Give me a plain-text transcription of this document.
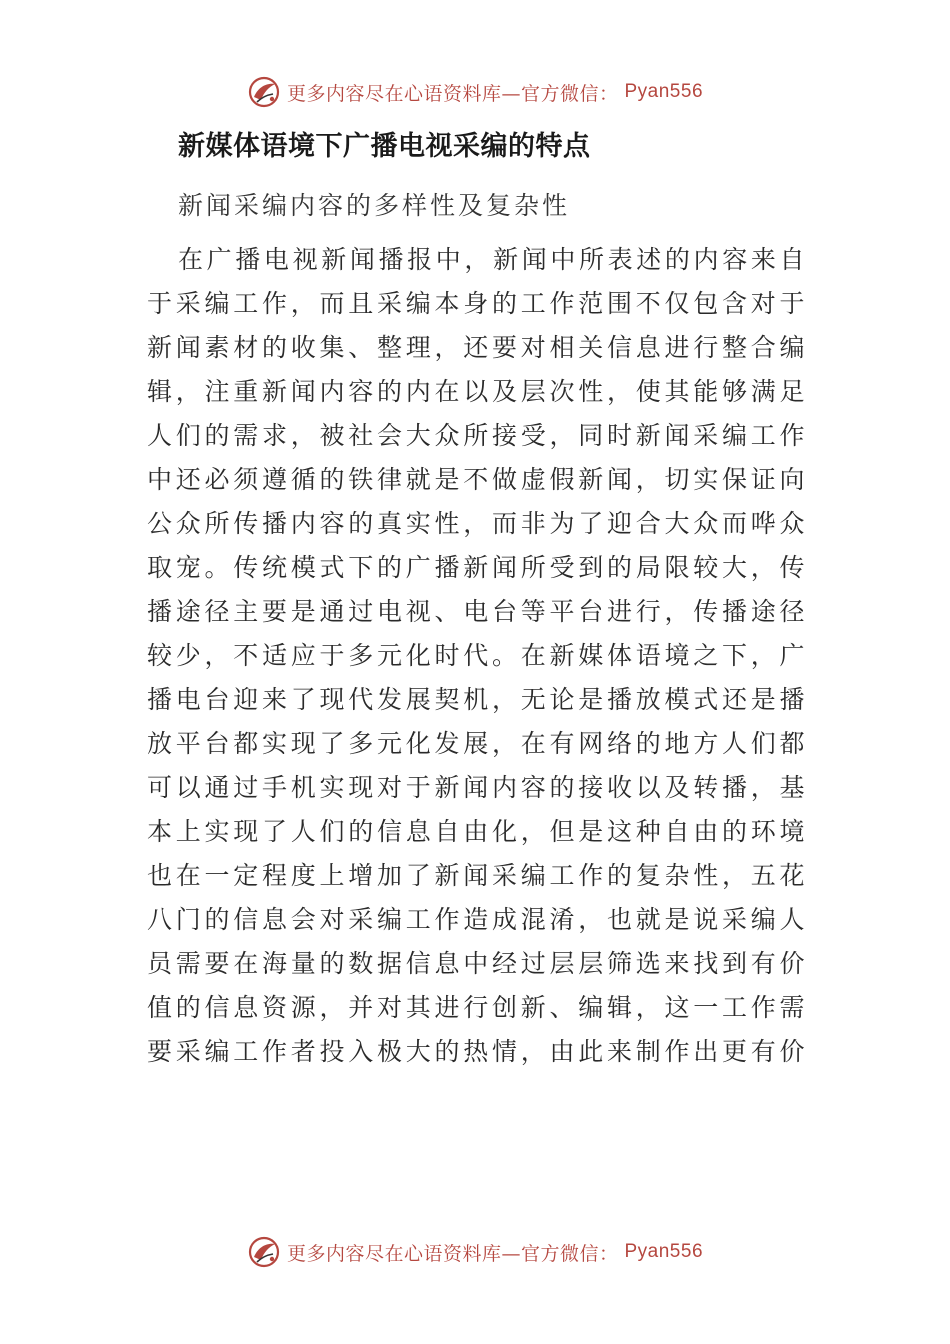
更多内容尽在心语资料库—官方微信： Pyan556
新媒体语境下广播电视采编的特点
新闻采编内容的多样性及复杂性
在广播电视新闻播报中，新闻中所表述的内容来自
于采编工作，而且采编本身的工作范围不仅包含对于
新闻素材的收集、整理，还要对相关信息进行整合编
辑，注重新闻内容的内在以及层次性，使其能够满足
人们的需求，被社会大众所接受，同时新闻采编工作
中还必须遵循的铁律就是不做虚假新闻，切实保证向
公众所传播内容的真实性，而非为了迎合大众而哗众
取宠。传统模式下的广播新闻所受到的局限较大，传
播途径主要是通过电视、电台等平台进行，传播途径
较少，不适应于多元化时代。在新媒体语境之下，广
播电台迎来了现代发展契机，无论是播放模式还是播
放平台都实现了多元化发展，在有网络的地方人们都
可以通过手机实现对于新闻内容的接收以及转播，基
本上实现了人们的信息自由化，但是这种自由的环境
也在一定程度上增加了新闻采编工作的复杂性，五花
八门的信息会对采编工作造成混淆，也就是说采编人
员需要在海量的数据信息中经过层层筛选来找到有价
值的信息资源，并对其进行创新、编辑，这一工作需
要采编工作者投入极大的热情，由此来制作出更有价
更多内容尽在心语资料库—官方微信： Pyan556
